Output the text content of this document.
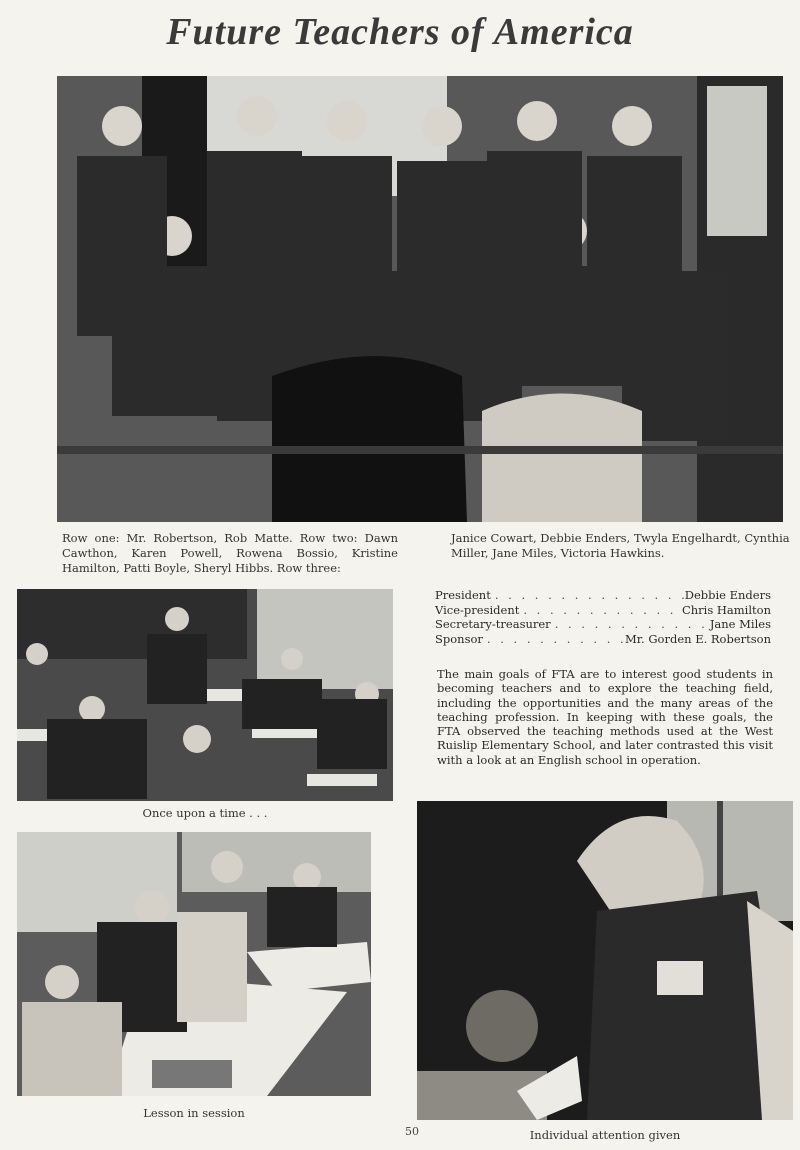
Future Teachers of America
Row one: Mr. Robertson, Rob Matte. Row two: Dawn Cawthon, Karen Powell, Rowena Bossio, Kristine Hamilton, Patti Boyle, Sheryl Hibbs. Row three:
Janice Cowart, Debbie Enders, Twyla Engelhardt, Cynthia Miller, Jane Miles, Victoria Hawkins.
Once upon a time . . .
President . . .	Debbie Enders
Vice-president . . .	Chris Hamilton
Secretary-treasurer . . .	Jane Miles
Sponsor . . .	Mr. Gorden E. Robertson
The main goals of FTA are to interest good students in becoming teachers and to explore the teaching field, including the opportunities and the many areas of the teaching profession. In keeping with these goals, the FTA observed the teaching methods used at the West Ruislip Elementary School, and later contrasted this visit with a look at an English school in operation.
Lesson in session
Individual attention given
50
